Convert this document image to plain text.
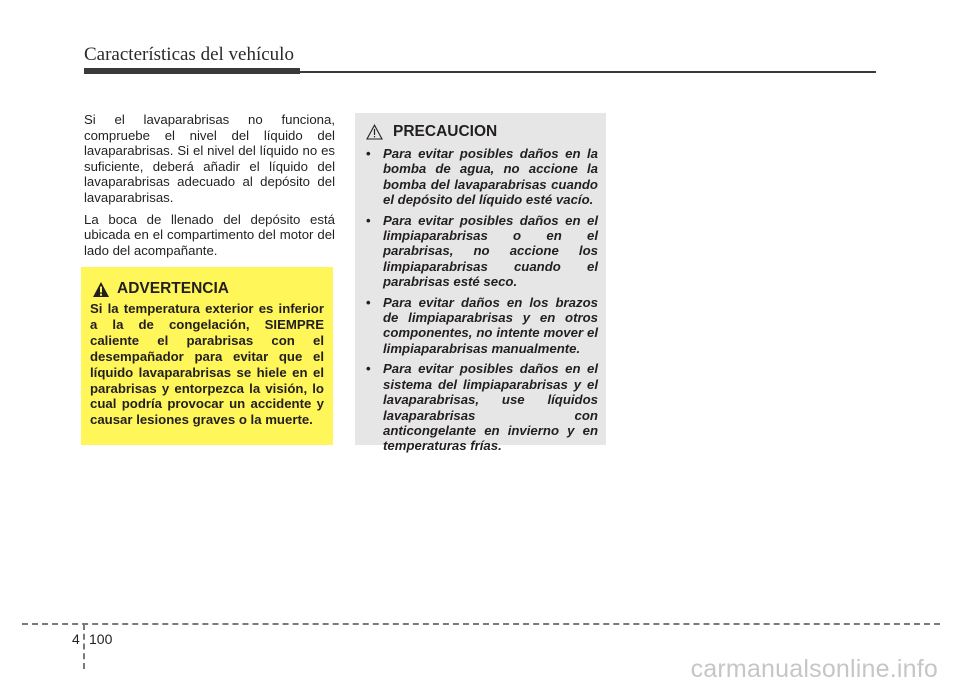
Características del vehículo

Si el lavaparabrisas no funciona, compruebe el nivel del líquido del lavaparabrisas. Si el nivel del líquido no es suficiente, deberá añadir el líquido del lavaparabrisas adecuado al depósito del lavaparabrisas.

La boca de llenado del depósito está ubicada en el compartimento del motor del lado del acompañante.

ADVERTENCIA
Si la temperatura exterior es inferior a la de congelación, SIEMPRE caliente el parabrisas con el desempañador para evitar que el líquido lavaparabrisas se hiele en el parabrisas y entorpezca la visión, lo cual podría provocar un accidente y causar lesiones graves o la muerte.
PRECAUCION
• Para evitar posibles daños en la bomba de agua, no accione la bomba del lavaparabrisas cuando el depósito del líquido esté vacío.
• Para evitar posibles daños en el limpiaparabrisas o en el parabrisas, no accione los limpiaparabrisas cuando el parabrisas esté seco.
• Para evitar daños en los brazos de limpiaparabrisas y en otros componentes, no intente mover el limpiaparabrisas manualmente.
• Para evitar posibles daños en el sistema del limpiaparabrisas y el lavaparabrisas, use líquidos lavaparabrisas con anticongelante en invierno y en temperaturas frías.
4 100
carmanualsonline.info
